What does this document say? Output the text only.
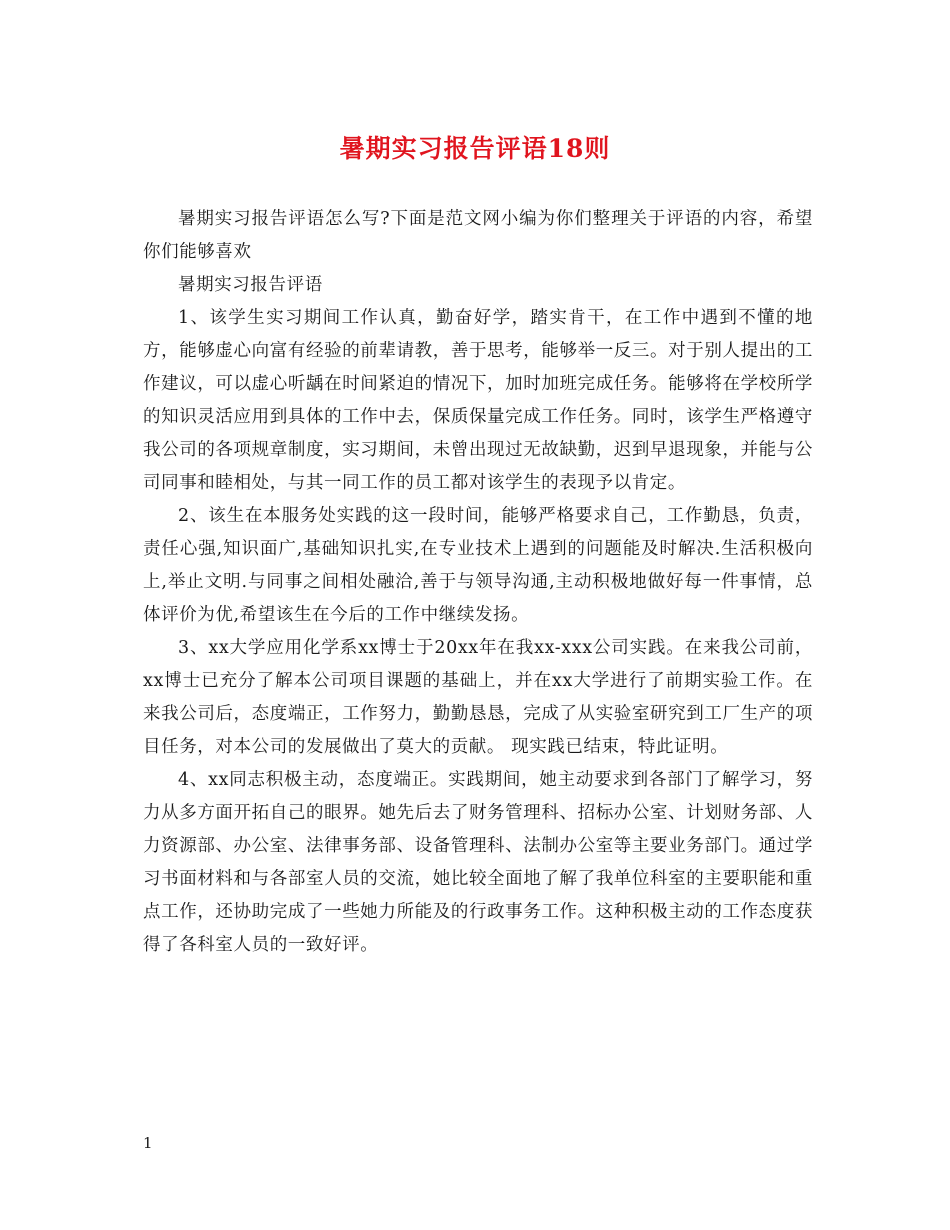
暑期实习报告评语18则

暑期实习报告评语怎么写?下面是范文网小编为你们整理关于评语的内容，希望你们能够喜欢

暑期实习报告评语

1、该学生实习期间工作认真，勤奋好学，踏实肯干，在工作中遇到不懂的地方，能够虚心向富有经验的前辈请教，善于思考，能够举一反三。对于别人提出的工作建议，可以虚心听龋在时间紧迫的情况下，加时加班完成任务。能够将在学校所学的知识灵活应用到具体的工作中去，保质保量完成工作任务。同时，该学生严格遵守我公司的各项规章制度，实习期间，未曾出现过无故缺勤，迟到早退现象，并能与公司同事和睦相处，与其一同工作的员工都对该学生的表现予以肯定。

2、该生在本服务处实践的这一段时间，能够严格要求自己，工作勤恳，负责，责任心强,知识面广,基础知识扎实,在专业技术上遇到的问题能及时解决.生活积极向上,举止文明.与同事之间相处融洽,善于与领导沟通,主动积极地做好每一件事情，总体评价为优,希望该生在今后的工作中继续发扬。

3、xx大学应用化学系xx博士于20xx年在我xx-xxx公司实践。在来我公司前，xx博士已充分了解本公司项目课题的基础上，并在xx大学进行了前期实验工作。在来我公司后，态度端正，工作努力，勤勤恳恳，完成了从实验室研究到工厂生产的项目任务，对本公司的发展做出了莫大的贡献。 现实践已结束，特此证明。

4、xx同志积极主动，态度端正。实践期间，她主动要求到各部门了解学习，努力从多方面开拓自己的眼界。她先后去了财务管理科、招标办公室、计划财务部、人力资源部、办公室、法律事务部、设备管理科、法制办公室等主要业务部门。通过学习书面材料和与各部室人员的交流，她比较全面地了解了我单位科室的主要职能和重点工作，还协助完成了一些她力所能及的行政事务工作。这种积极主动的工作态度获得了各科室人员的一致好评。

1
